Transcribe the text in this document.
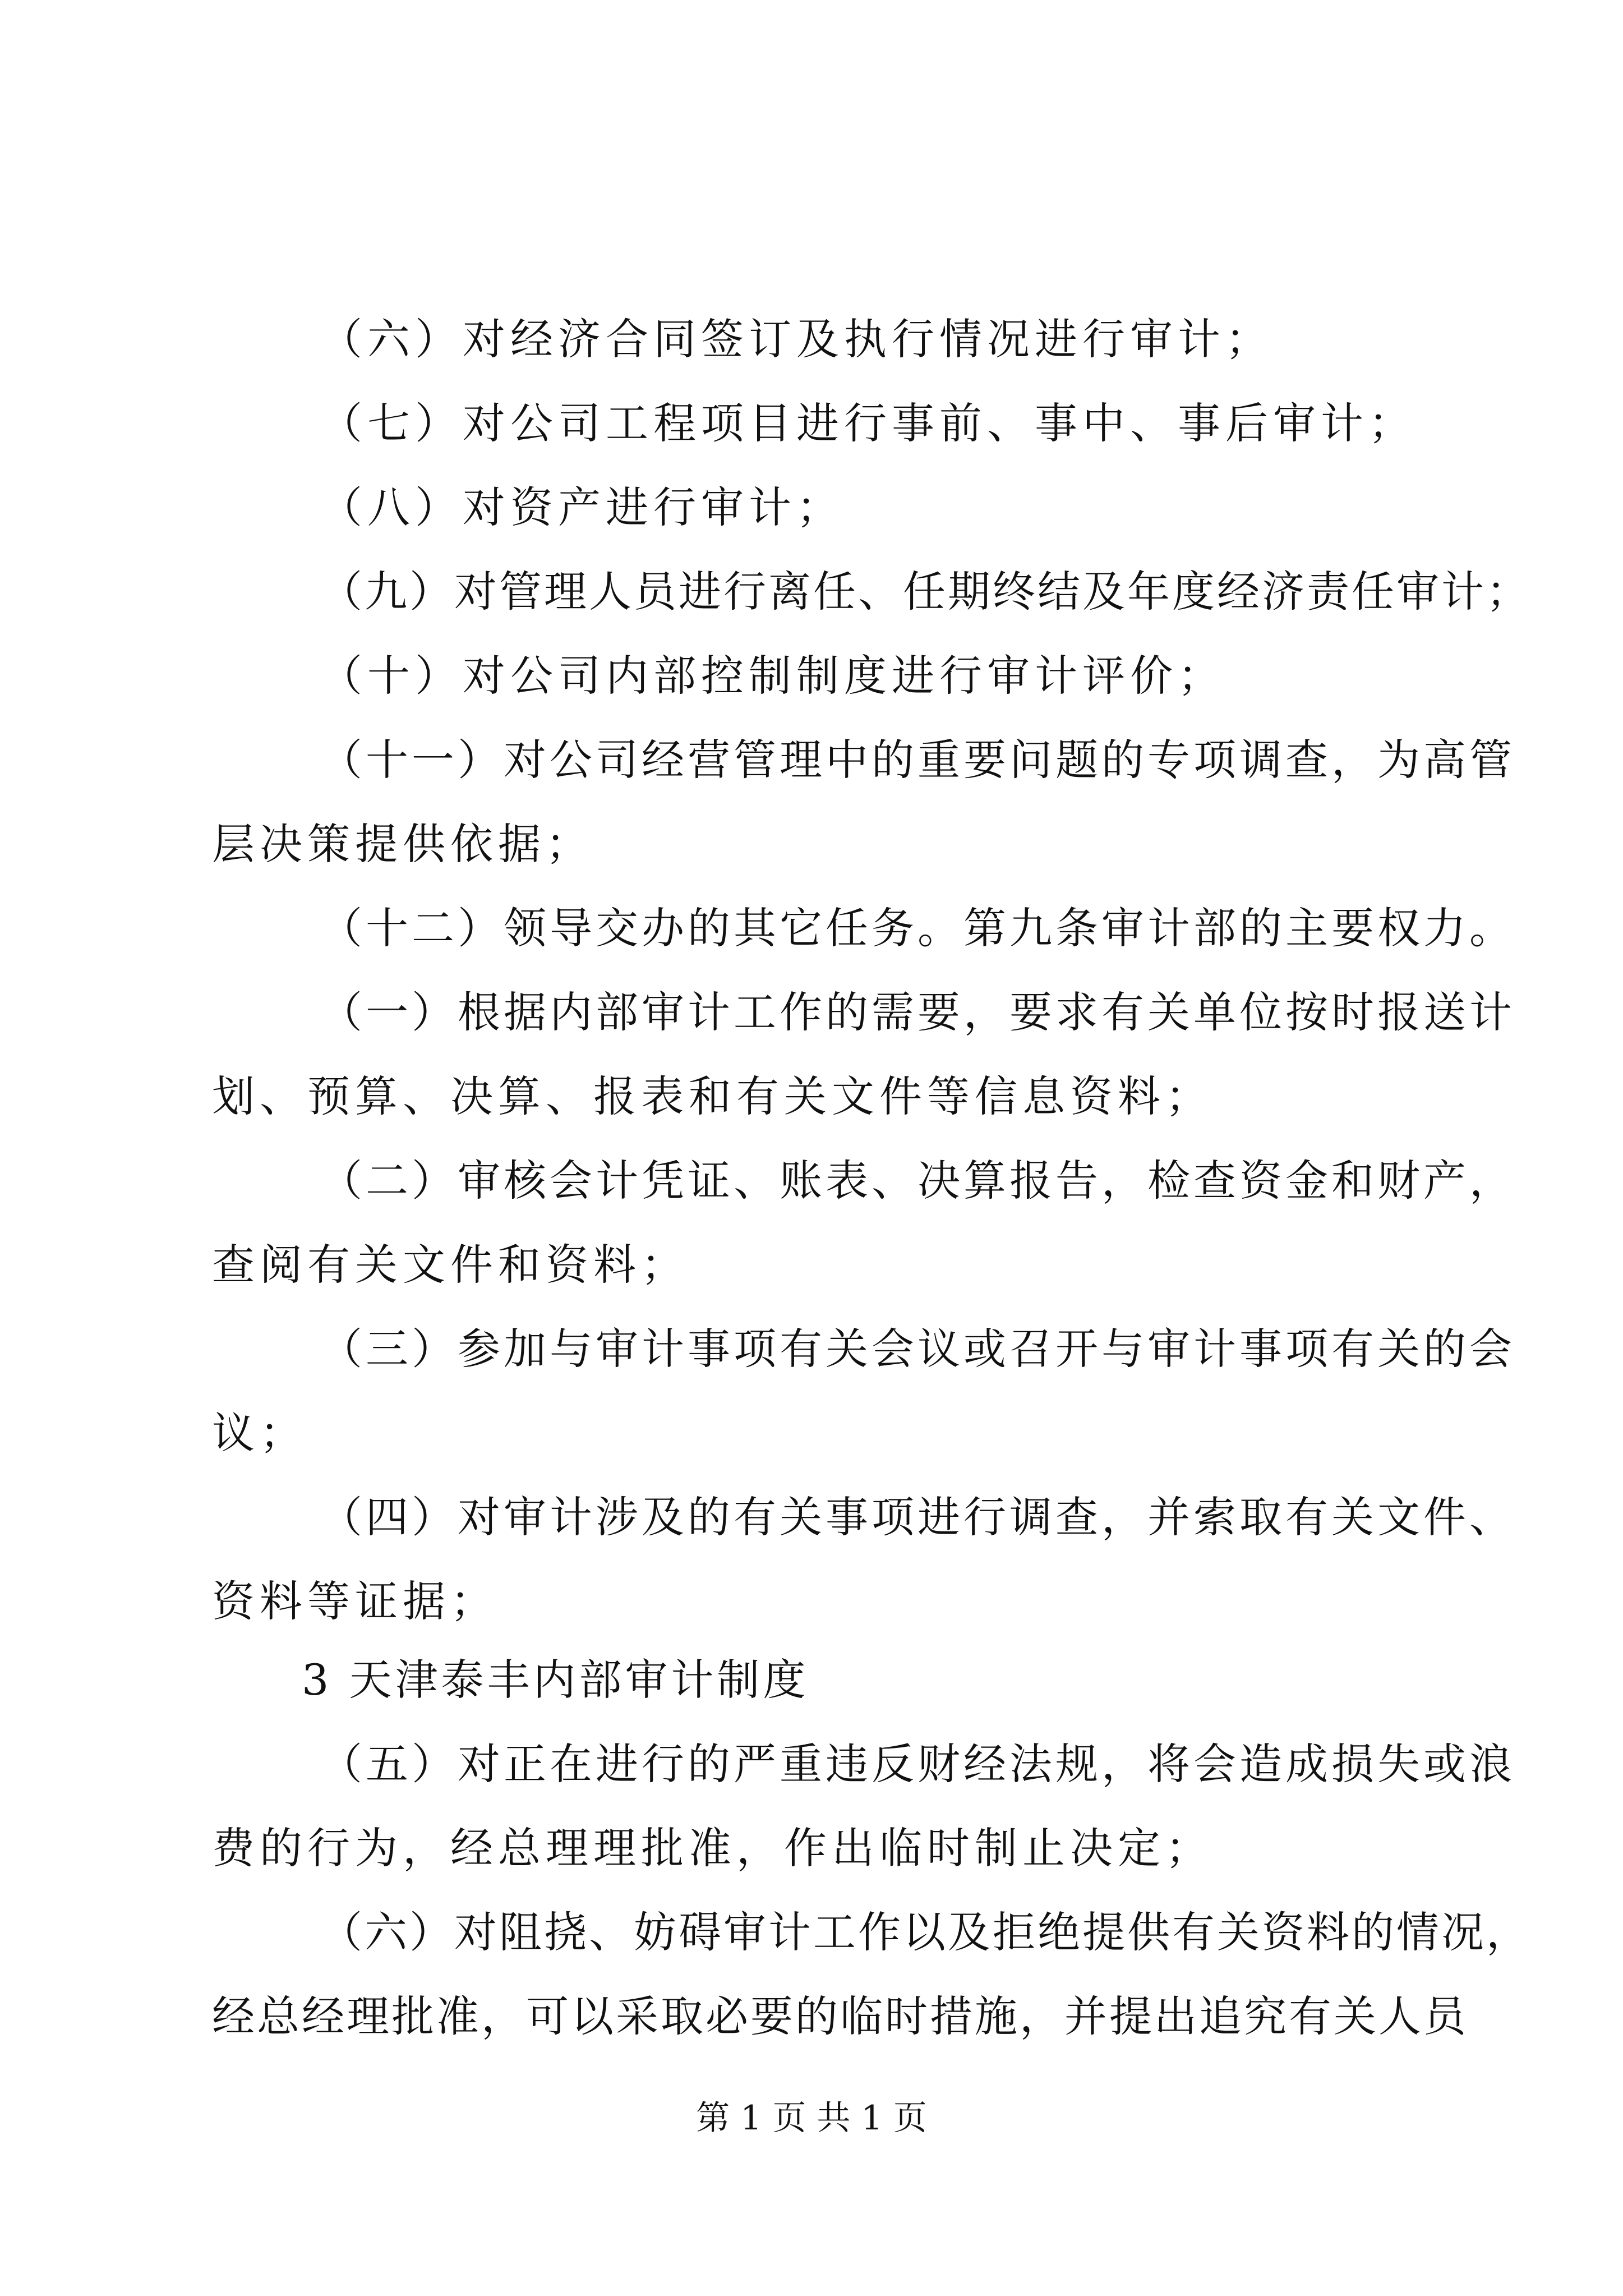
（六）对经济合同签订及执行情况进行审计；
（七）对公司工程项目进行事前、事中、事后审计；
（八）对资产进行审计；
（九）对管理人员进行离任、任期终结及年度经济责任审计；
（十）对公司内部控制制度进行审计评价；
（十一）对公司经营管理中的重要问题的专项调查，为高管
层决策提供依据；
（十二）领导交办的其它任务。第九条审计部的主要权力。
（一）根据内部审计工作的需要，要求有关单位按时报送计
划、预算、决算、报表和有关文件等信息资料；
（二）审核会计凭证、账表、决算报告，检查资金和财产，
查阅有关文件和资料；
（三）参加与审计事项有关会议或召开与审计事项有关的会
议；
（四）对审计涉及的有关事项进行调查，并索取有关文件、
资料等证据；
3 天津泰丰内部审计制度
（五）对正在进行的严重违反财经法规，将会造成损失或浪
费的行为，经总理理批准，作出临时制止决定；
（六）对阻挠、妨碍审计工作以及拒绝提供有关资料的情况，
经总经理批准，可以采取必要的临时措施，并提出追究有关人员
第 1 页 共 1 页
